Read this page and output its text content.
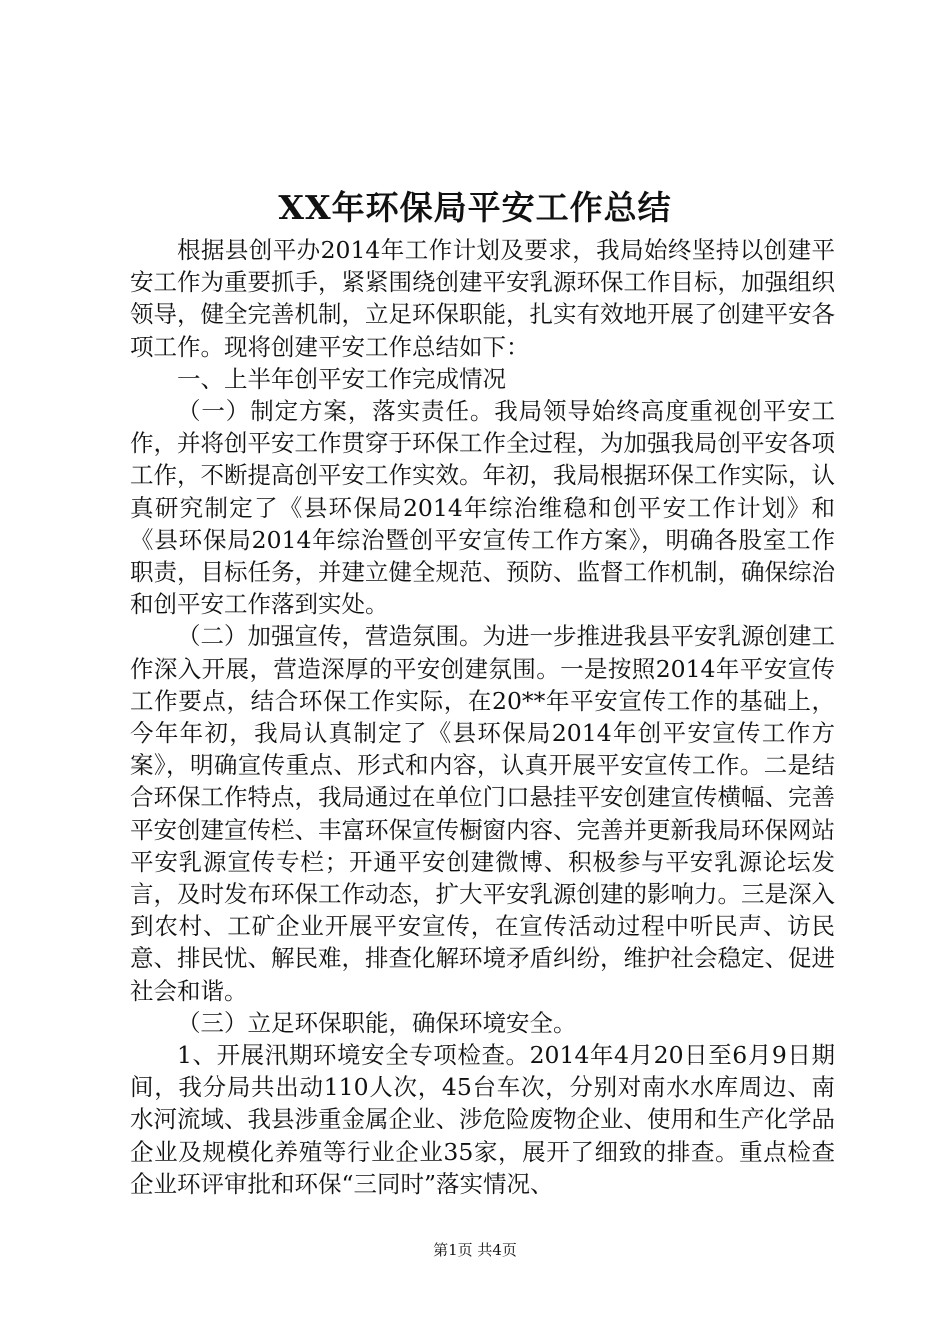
XX年环保局平安工作总结

根据县创平办2014年工作计划及要求，我局始终坚持以创建平安工作为重要抓手，紧紧围绕创建平安乳源环保工作目标，加强组织领导，健全完善机制，立足环保职能，扎实有效地开展了创建平安各项工作。现将创建平安工作总结如下：

一、上半年创平安工作完成情况

（一）制定方案，落实责任。我局领导始终高度重视创平安工作，并将创平安工作贯穿于环保工作全过程，为加强我局创平安各项工作，不断提高创平安工作实效。年初，我局根据环保工作实际，认真研究制定了《县环保局2014年综治维稳和创平安工作计划》和《县环保局2014年综治暨创平安宣传工作方案》，明确各股室工作职责，目标任务，并建立健全规范、预防、监督工作机制，确保综治和创平安工作落到实处。

（二）加强宣传，营造氛围。为进一步推进我县平安乳源创建工作深入开展，营造深厚的平安创建氛围。一是按照2014年平安宣传工作要点，结合环保工作实际，在20**年平安宣传工作的基础上，今年年初，我局认真制定了《县环保局2014年创平安宣传工作方案》，明确宣传重点、形式和内容，认真开展平安宣传工作。二是结合环保工作特点，我局通过在单位门口悬挂平安创建宣传横幅、完善平安创建宣传栏、丰富环保宣传橱窗内容、完善并更新我局环保网站平安乳源宣传专栏；开通平安创建微博、积极参与平安乳源论坛发言，及时发布环保工作动态，扩大平安乳源创建的影响力。三是深入到农村、工矿企业开展平安宣传，在宣传活动过程中听民声、访民意、排民忧、解民难，排查化解环境矛盾纠纷，维护社会稳定、促进社会和谐。

（三）立足环保职能，确保环境安全。

1、开展汛期环境安全专项检查。2014年4月20日至6月9日期间，我分局共出动110人次，45台车次，分别对南水水库周边、南水河流域、我县涉重金属企业、涉危险废物企业、使用和生产化学品企业及规模化养殖等行业企业35家，展开了细致的排查。重点检查企业环评审批和环保“三同时”落实情况、

第1页 共4页
